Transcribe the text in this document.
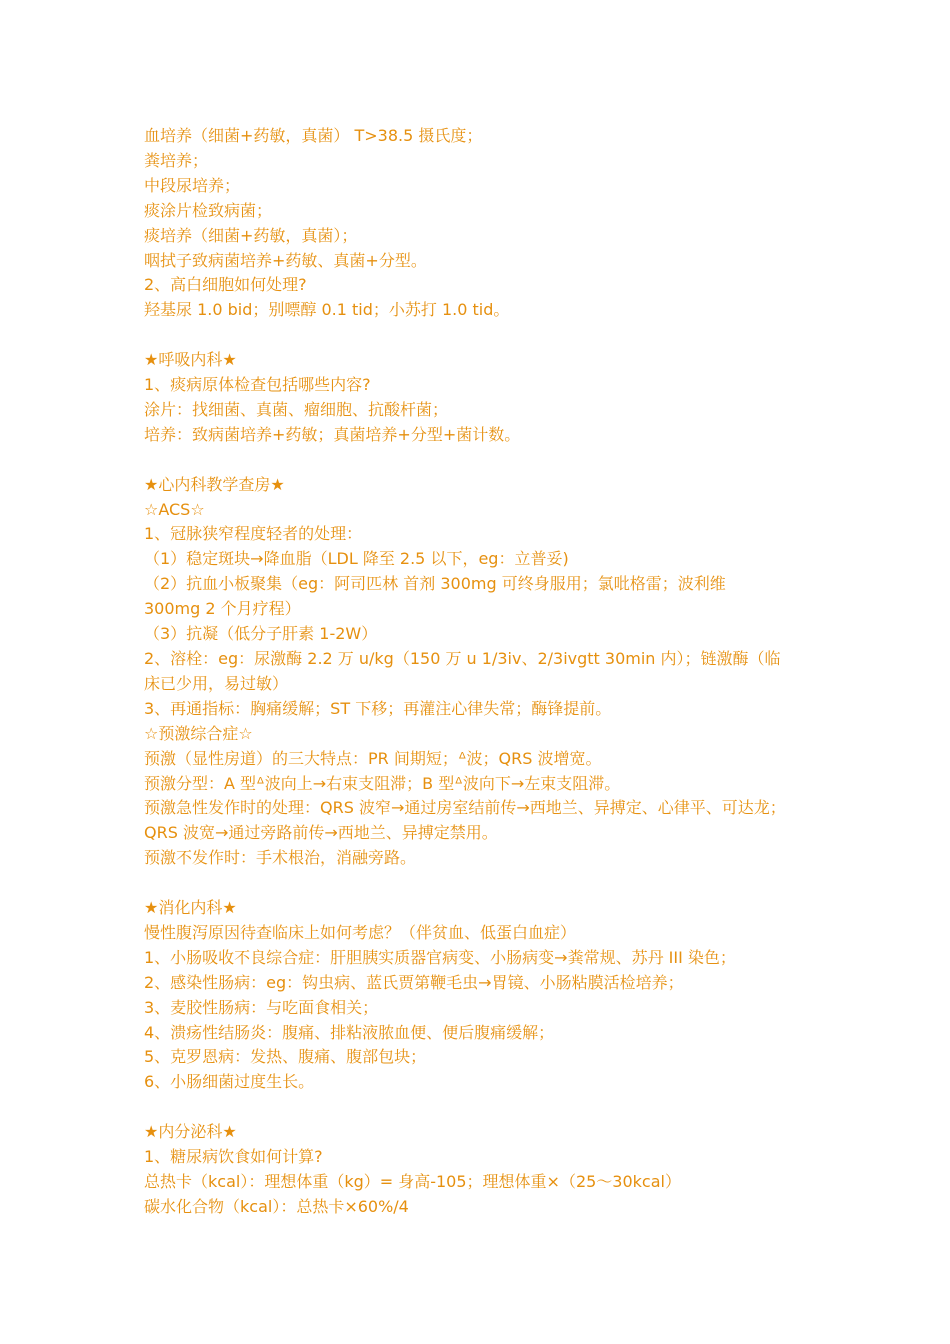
血培养（细菌+药敏，真菌） T>38.5 摄氏度；
粪培养；
中段尿培养；
痰涂片检致病菌；
痰培养（细菌+药敏，真菌）；
咽拭子致病菌培养+药敏、真菌+分型。
2、高白细胞如何处理?
羟基尿 1.0 bid；别嘌醇 0.1 tid；小苏打 1.0 tid。
★呼吸内科★
1、痰病原体检查包括哪些内容?
涂片：找细菌、真菌、瘤细胞、抗酸杆菌；
培养：致病菌培养+药敏；真菌培养+分型+菌计数。
★心内科教学查房★
☆ACS☆
1、冠脉狭窄程度轻者的处理：
（1）稳定斑块→降血脂（LDL 降至 2.5 以下，eg：立普妥)
（2）抗血小板聚集（eg：阿司匹林 首剂 300mg 可终身服用；氯吡格雷；波利维
300mg 2 个月疗程）
（3）抗凝（低分子肝素 1-2W）
2、溶栓：eg：尿激酶 2.2 万 u/kg（150 万 u 1/3iv、2/3ivgtt 30min 内）；链激酶（临
床已少用，易过敏）
3、再通指标：胸痛缓解；ST 下移；再灌注心律失常；酶锋提前。
☆预激综合症☆
预激（显性房道）的三大特点：PR 间期短；ᐞ波；QRS 波增宽。
预激分型：A 型ᐞ波向上→右束支阻滞；B 型ᐞ波向下→左束支阻滞。
预激急性发作时的处理：QRS 波窄→通过房室结前传→西地兰、异搏定、心律平、可达龙；
QRS 波宽→通过旁路前传→西地兰、异搏定禁用。
预激不发作时：手术根治，消融旁路。
★消化内科★
慢性腹泻原因待查临床上如何考虑？（伴贫血、低蛋白血症）
1、小肠吸收不良综合症：肝胆胰实质器官病变、小肠病变→粪常规、苏丹 III 染色；
2、感染性肠病：eg：钩虫病、蓝氏贾第鞭毛虫→胃镜、小肠粘膜活检培养；
3、麦胶性肠病：与吃面食相关；
4、溃疡性结肠炎：腹痛、排粘液脓血便、便后腹痛缓解；
5、克罗恩病：发热、腹痛、腹部包块；
6、小肠细菌过度生长。
★内分泌科★
1、糖尿病饮食如何计算?
总热卡（kcal）：理想体重（kg）= 身高-105；理想体重×（25～30kcal）
碳水化合物（kcal）：总热卡×60%/4
